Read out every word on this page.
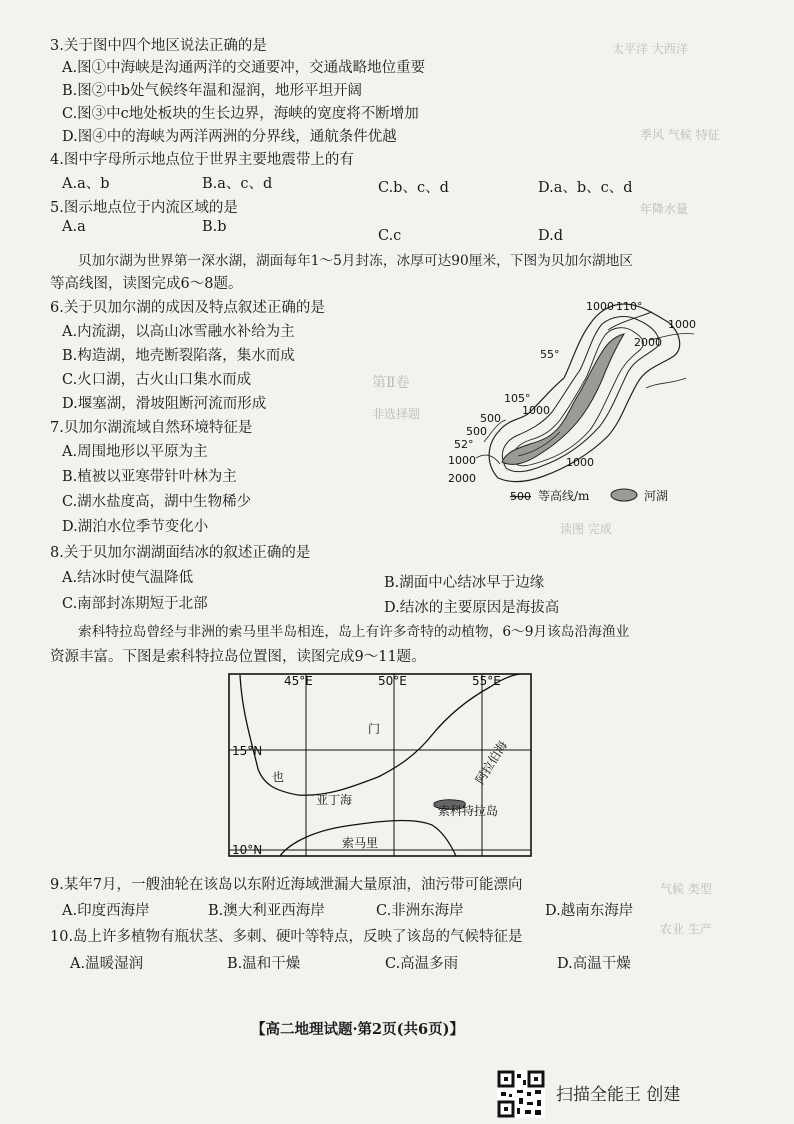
太平洋 大西洋
季风 气候 特征
年降水量
第Ⅱ卷
非选择题
读图 完成
气候 类型
农业 生产
3.关于图中四个地区说法正确的是
A.图①中海峡是沟通两洋的交通要冲，交通战略地位重要
B.图②中b处气候终年温和湿润，地形平坦开阔
C.图③中c地处板块的生长边界，海峡的宽度将不断增加
D.图④中的海峡为两洋两洲的分界线，通航条件优越
4.图中字母所示地点位于世界主要地震带上的有
A.a、b	B.a、c、d	C.b、c、d	D.a、b、c、d
5.图示地点位于内流区域的是
A.a	B.b
C.c	D.d
贝加尔湖为世界第一深水湖，湖面每年1～5月封冻，冰厚可达90厘米，下图为贝加尔湖地区
等高线图，读图完成6～8题。
6.关于贝加尔湖的成因及特点叙述正确的是
A.内流湖，以高山冰雪融水补给为主
B.构造湖，地壳断裂陷落，集水而成
C.火口湖，古火山口集水而成
D.堰塞湖，滑坡阻断河流而形成
7.贝加尔湖流域自然环境特征是
A.周围地形以平原为主
B.植被以亚寒带针叶林为主
C.湖水盐度高，湖中生物稀少
D.湖泊水位季节变化小
8.关于贝加尔湖湖面结冰的叙述正确的是
A.结冰时使气温降低	B.湖面中心结冰早于边缘
C.南部封冻期短于北部	D.结冰的主要原因是海拔高
索科特拉岛曾经与非洲的索马里半岛相连，岛上有许多奇特的动植物，6～9月该岛沿海渔业
资源丰富。下图是索科特拉岛位置图，读图完成9～11题。
1000 110°
1000
2000
55°
105°
1000
500
500
52°
1000	1000
2000
500 等高线/m	河湖
45°E	50°E	55°E
15°N
10°N
门
也
亚丁海
阿拉伯海
索科特拉岛
索马里
9.某年7月，一艘油轮在该岛以东附近海域泄漏大量原油，油污带可能漂向
A.印度西海岸	B.澳大利亚西海岸	C.非洲东海岸	D.越南东海岸
10.岛上许多植物有瓶状茎、多刺、硬叶等特点，反映了该岛的气候特征是
A.温暖湿润	B.温和干燥	C.高温多雨	D.高温干燥
【高二地理试题·第2页(共6页)】
扫描全能王 创建
